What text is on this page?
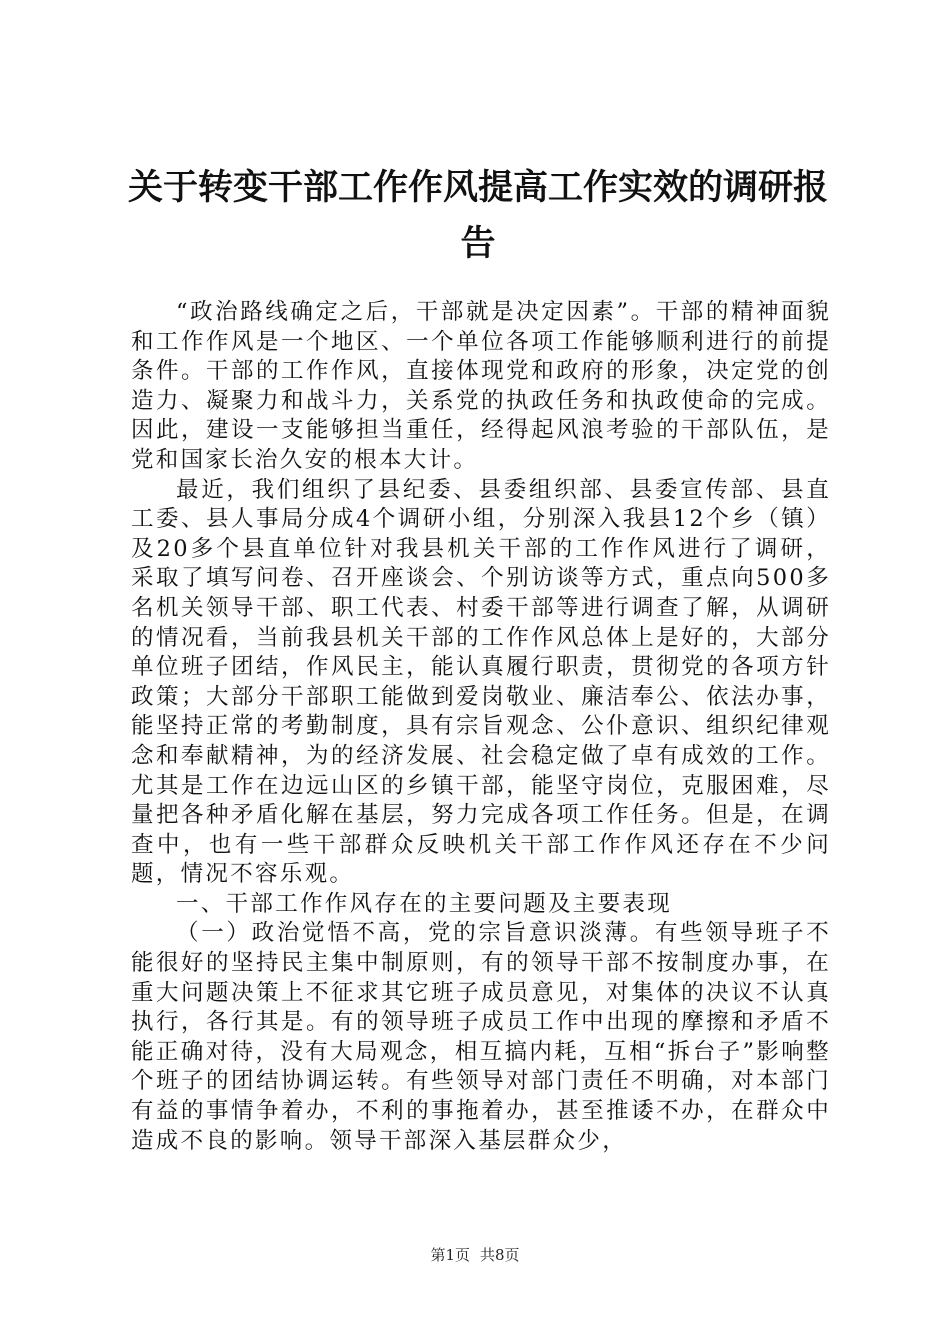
关于转变干部工作作风提高工作实效的调研报告

“政治路线确定之后，干部就是决定因素”。干部的精神面貌和工作作风是一个地区、一个单位各项工作能够顺利进行的前提条件。干部的工作作风，直接体现党和政府的形象，决定党的创造力、凝聚力和战斗力，关系党的执政任务和执政使命的完成。因此，建设一支能够担当重任，经得起风浪考验的干部队伍，是党和国家长治久安的根本大计。

最近，我们组织了县纪委、县委组织部、县委宣传部、县直工委、县人事局分成4个调研小组，分别深入我县12个乡（镇）及20多个县直单位针对我县机关干部的工作作风进行了调研，采取了填写问卷、召开座谈会、个别访谈等方式，重点向500多名机关领导干部、职工代表、村委干部等进行调查了解，从调研的情况看，当前我县机关干部的工作作风总体上是好的，大部分单位班子团结，作风民主，能认真履行职责，贯彻党的各项方针政策；大部分干部职工能做到爱岗敬业、廉洁奉公、依法办事，能坚持正常的考勤制度，具有宗旨观念、公仆意识、组织纪律观念和奉献精神，为的经济发展、社会稳定做了卓有成效的工作。尤其是工作在边远山区的乡镇干部，能坚守岗位，克服困难，尽量把各种矛盾化解在基层，努力完成各项工作任务。但是，在调查中，也有一些干部群众反映机关干部工作作风还存在不少问题，情况不容乐观。

一、干部工作作风存在的主要问题及主要表现

（一）政治觉悟不高，党的宗旨意识淡薄。有些领导班子不能很好的坚持民主集中制原则，有的领导干部不按制度办事，在重大问题决策上不征求其它班子成员意见，对集体的决议不认真执行，各行其是。有的领导班子成员工作中出现的摩擦和矛盾不能正确对待，没有大局观念，相互搞内耗，互相“拆台子”影响整个班子的团结协调运转。有些领导对部门责任不明确，对本部门有益的事情争着办，不利的事拖着办，甚至推诿不办，在群众中造成不良的影响。领导干部深入基层群众少，

第1页 共8页
